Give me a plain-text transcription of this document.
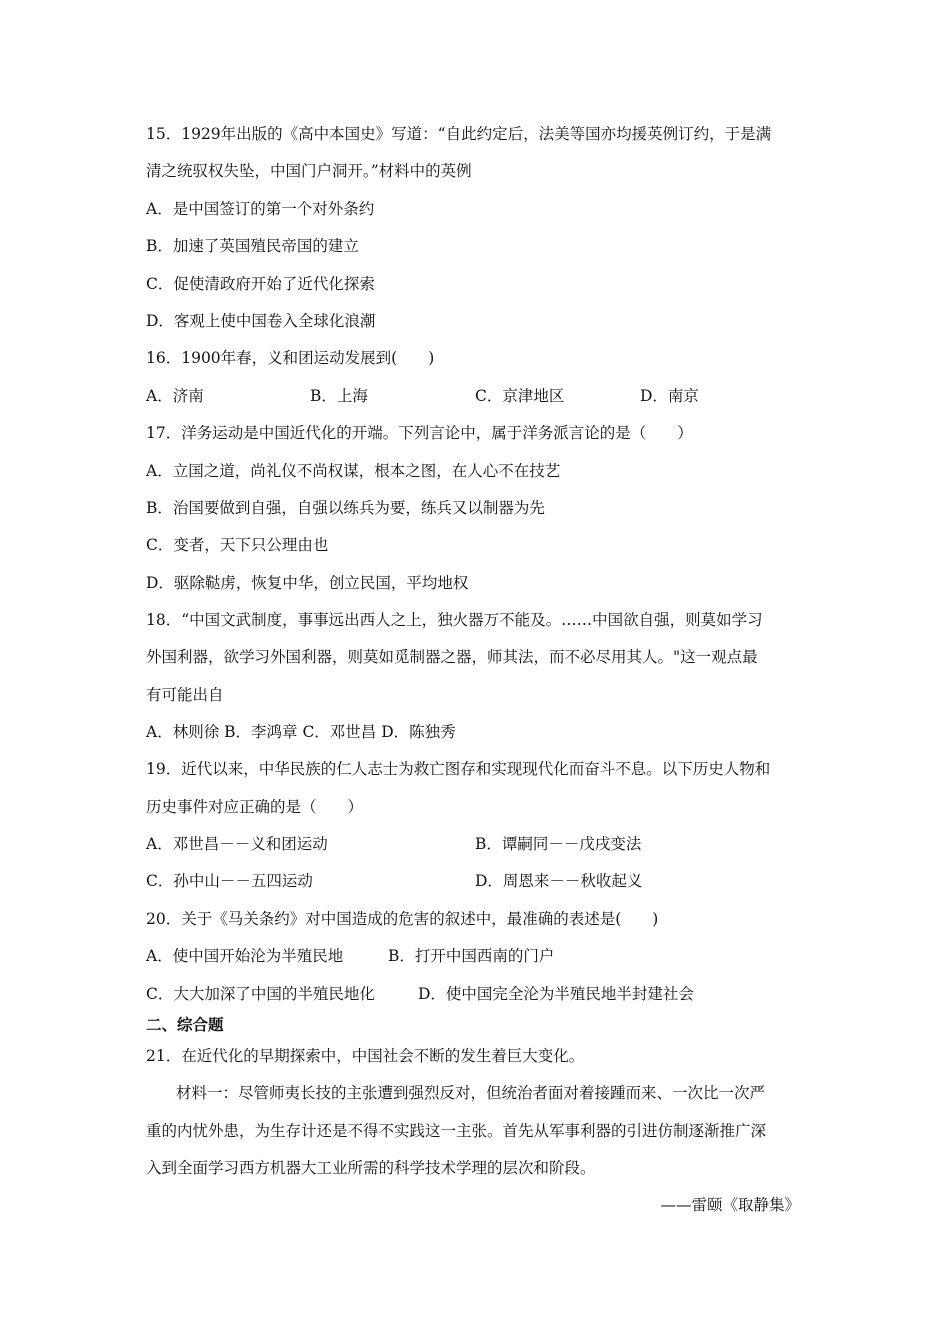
15．1929年出版的《高中本国史》写道：“自此约定后，法美等国亦均援英例订约，于是满
清之统驭权失坠，中国门户洞开。”材料中的英例
A．是中国签订的第一个对外条约
B．加速了英国殖民帝国的建立
C．促使清政府开始了近代化探索
D．客观上使中国卷入全球化浪潮
16．1900年春，义和团运动发展到(　　)
A．济南	B．上海	C．京津地区	D．南京
17．洋务运动是中国近代化的开端。下列言论中，属于洋务派言论的是（　　）
A．立国之道，尚礼仪不尚权谋，根本之图，在人心不在技艺
B．治国要做到自强，自强以练兵为要，练兵又以制器为先
C．变者，天下只公理由也
D．驱除鞑虏，恢复中华，创立民国，平均地权
18．“中国文武制度，事事远出西人之上，独火器万不能及。……中国欲自强，则莫如学习
外国利器，欲学习外国利器，则莫如觅制器之器，师其法，而不必尽用其人。"这一观点最
有可能出自
A．林则徐 B．李鸿章 C．邓世昌 D．陈独秀
19．近代以来，中华民族的仁人志士为救亡图存和实现现代化而奋斗不息。以下历史人物和
历史事件对应正确的是（　　）
A．邓世昌－－义和团运动	B．谭嗣同－－戊戌变法
C．孙中山－－五四运动	D．周恩来－－秋收起义
20．关于《马关条约》对中国造成的危害的叙述中，最准确的表述是(　　)
A．使中国开始沦为半殖民地	B．打开中国西南的门户
C．大大加深了中国的半殖民地化	D．使中国完全沦为半殖民地半封建社会
二、综合题
21．在近代化的早期探索中，中国社会不断的发生着巨大变化。
材料一：尽管师夷长技的主张遭到强烈反对，但统治者面对着接踵而来、一次比一次严
重的内忧外患，为生存计还是不得不实践这一主张。首先从军事利器的引进仿制逐渐推广深
入到全面学习西方机器大工业所需的科学技术学理的层次和阶段。
——雷颐《取静集》
